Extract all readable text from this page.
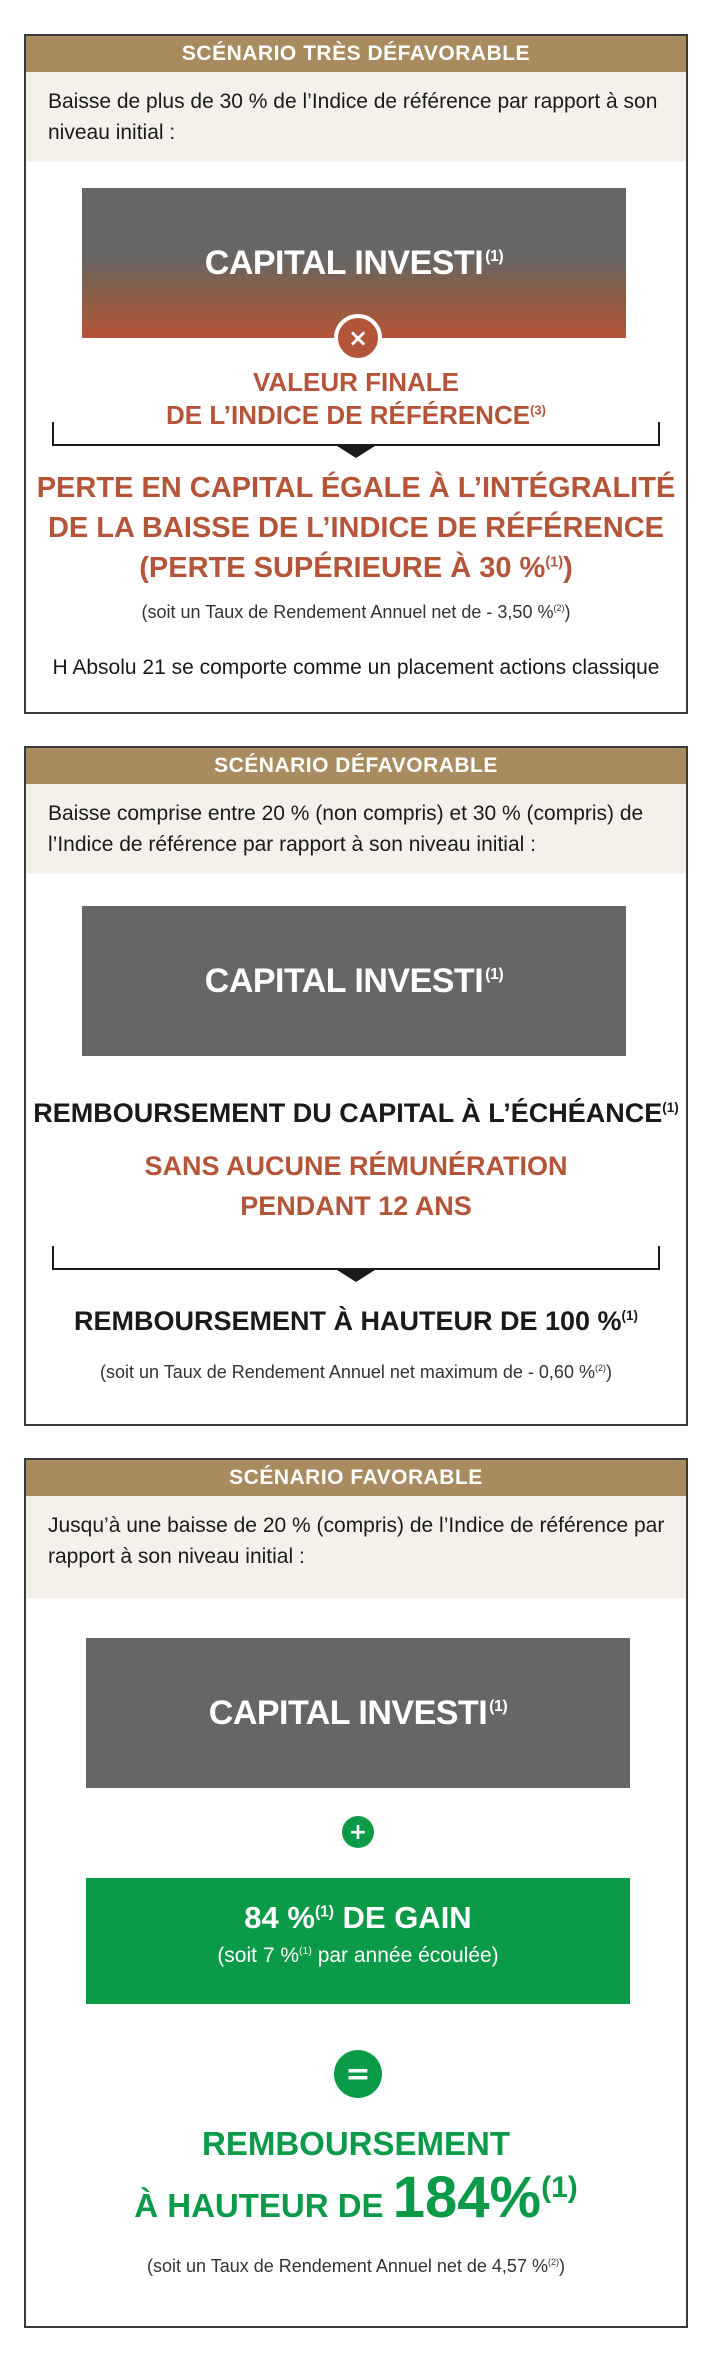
SCÉNARIO TRÈS DÉFAVORABLE
Baisse de plus de 30 % de l’Indice de référence par rapport à son niveau initial :
CAPITAL $INVESTI^{(1)}$
×
VALEUR FINALE
DE L’INDICE DE RÉFÉRENCE$^{(3)}$
PERTE EN CAPITAL ÉGALE À L’INTÉGRALITÉ
DE LA BAISSE DE L’INDICE DE RÉFÉRENCE
(PERTE SUPÉRIEURE À 30 %$^{(1)}$)
(soit un Taux de Rendement Annuel net de - 3,50 %$^{(2)}$)
H Absolu 21 se comporte comme un placement actions classique
SCÉNARIO DÉFAVORABLE
Baisse comprise entre 20 % (non compris) et 30 % (compris) de l’Indice de référence par rapport à son niveau initial :
CAPITAL INVESTI$^{(1)}$
REMBOURSEMENT DU CAPITAL À L’ÉCHÉANCE$^{(1)}$
SANS AUCUNE RÉMUNÉRATION
PENDANT 12 ANS
REMBOURSEMENT À HAUTEUR DE 100 %$^{(1)}$
(soit un Taux de Rendement Annuel net maximum de - 0,60 %$^{(2)}$)
SCÉNARIO FAVORABLE
Jusqu’à une baisse de 20 % (compris) de l’Indice de référence par rapport à son niveau initial :
CAPITAL $INVESTI^{(1)}$
+
84 %$^{(1)}$ DE GAIN
(soit 7 %$^{(1)}$ par année écoulée)
=
REMBOURSEMENT
À HAUTEUR DE 184%(1)
(soit un Taux de Rendement Annuel net de 4,57 %$^{(2)}$)
